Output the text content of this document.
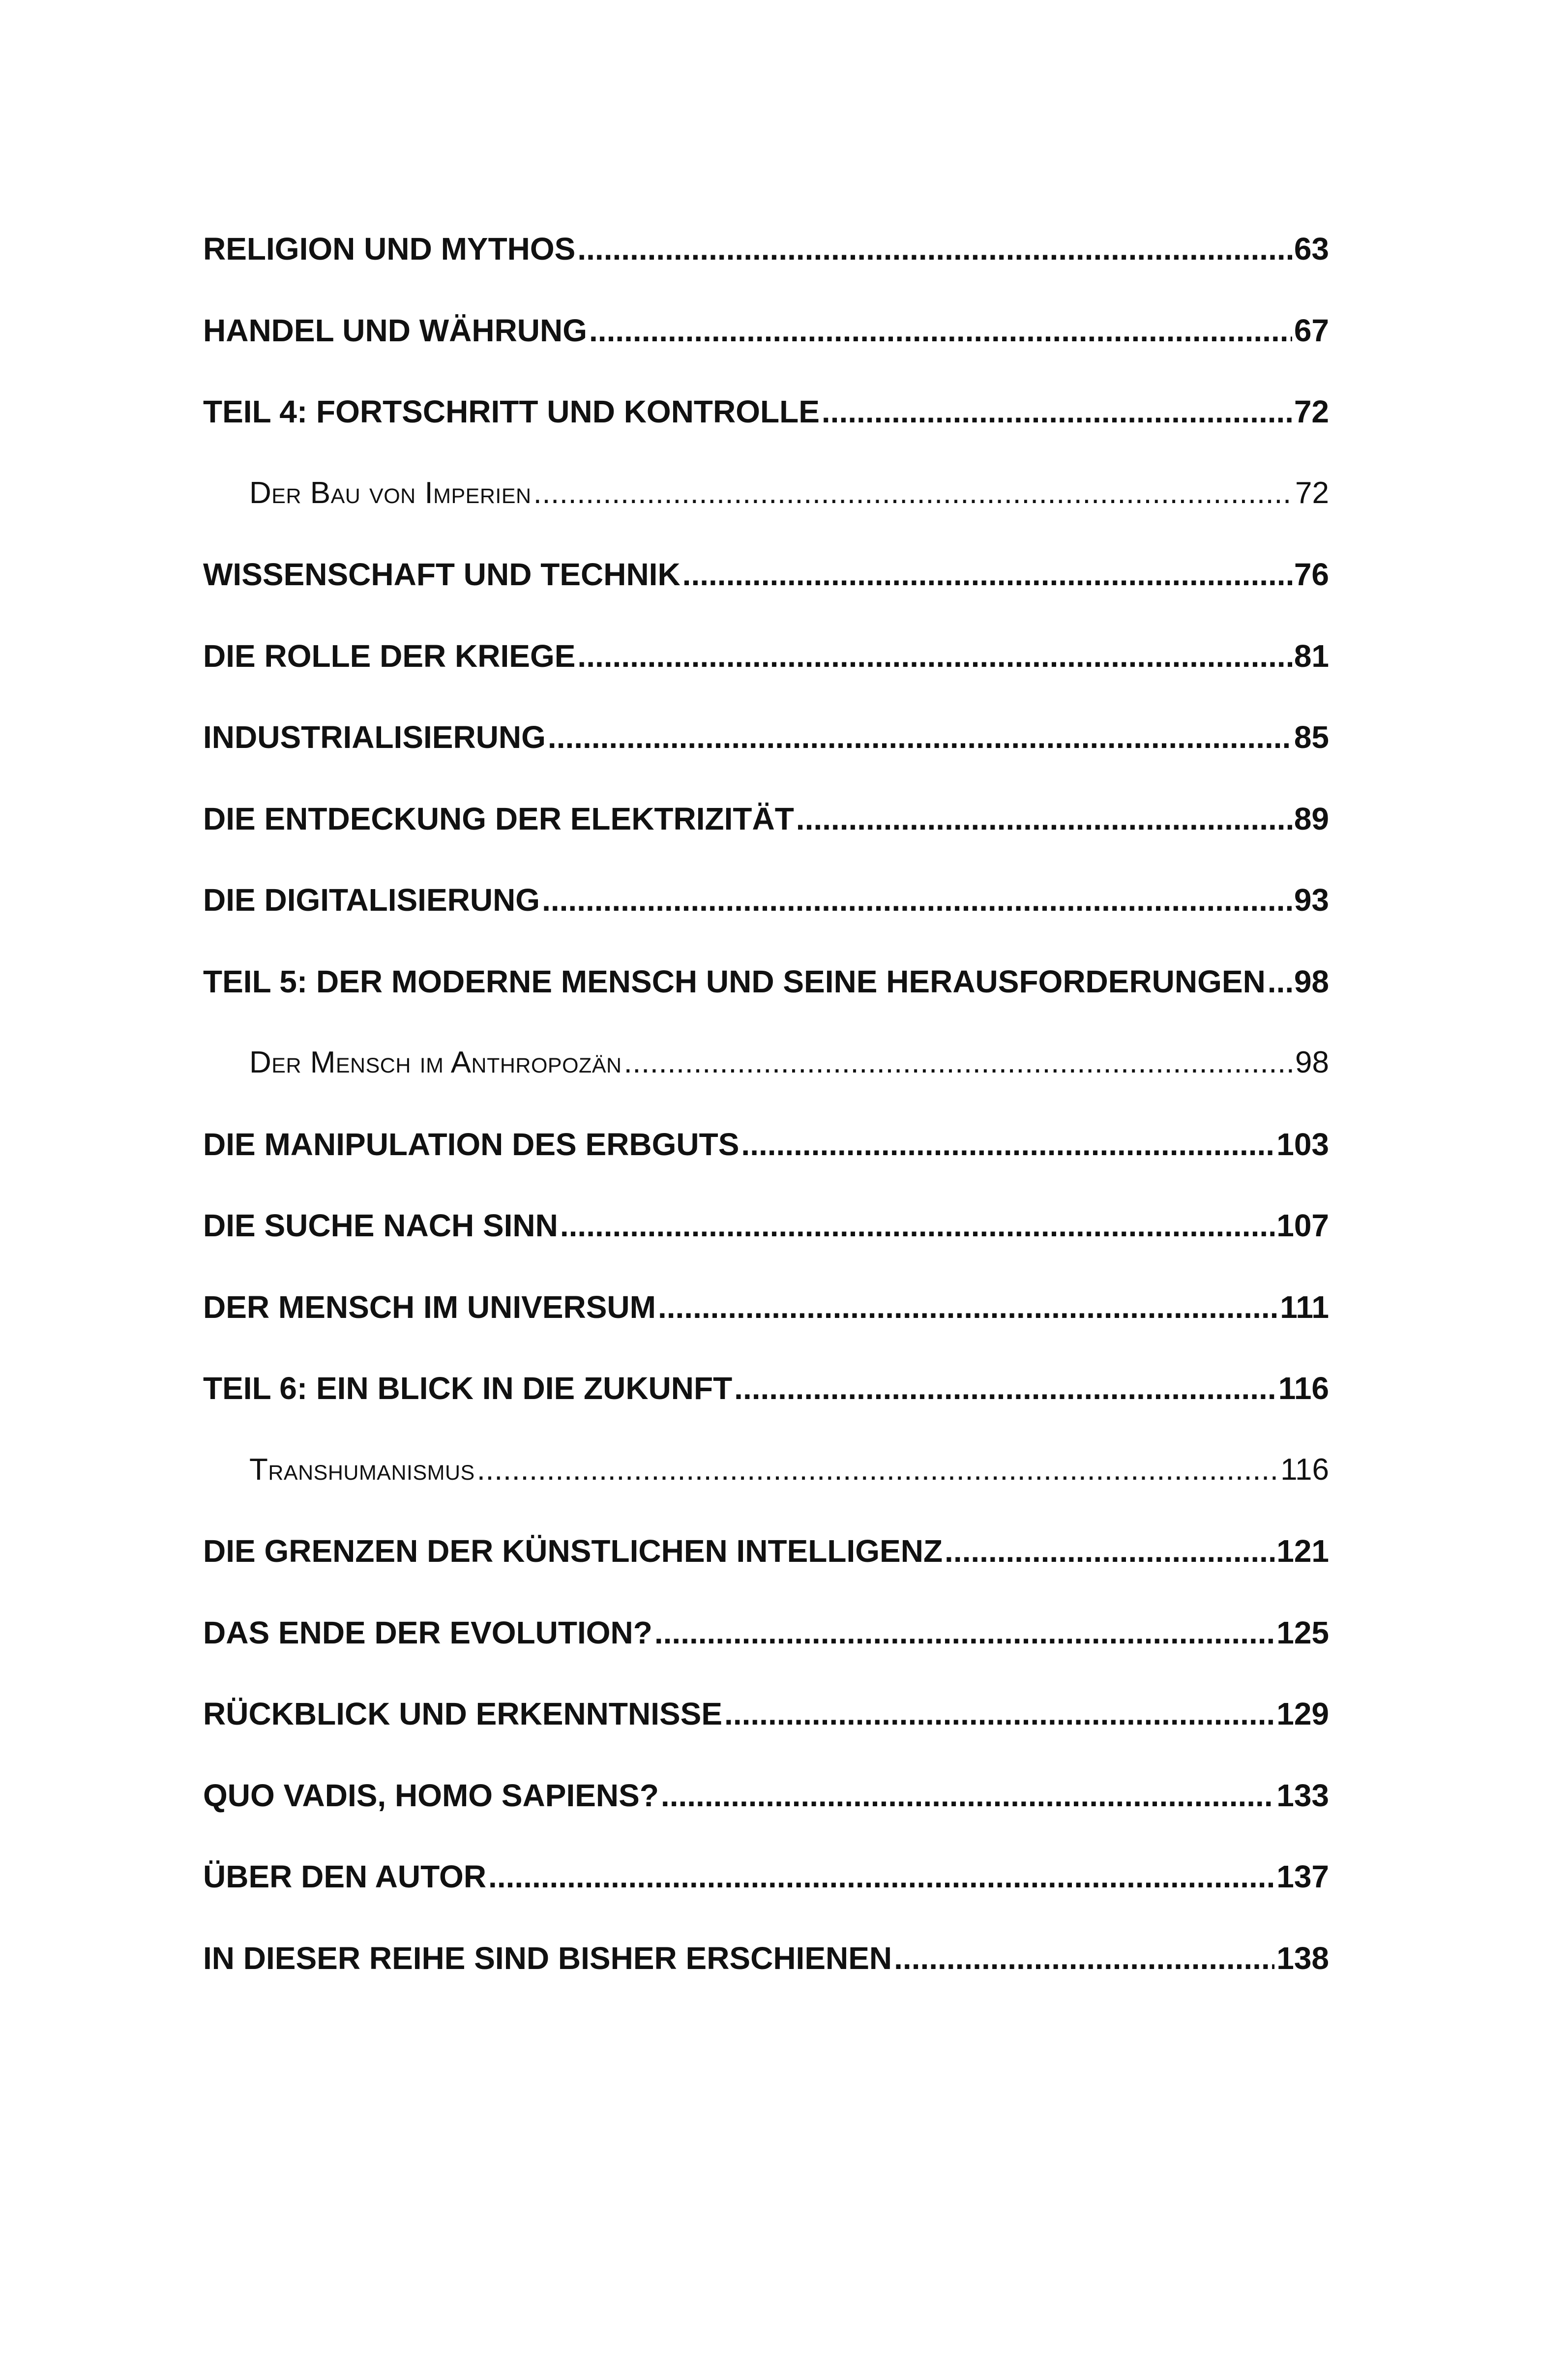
RELIGION UND MYTHOS .....	63
HANDEL UND WÄHRUNG .....	67
TEIL 4: FORTSCHRITT UND KONTROLLE .....	72
Der Bau von Imperien .....	72
WISSENSCHAFT UND TECHNIK .....	76
DIE ROLLE DER KRIEGE .....	81
INDUSTRIALISIERUNG .....	85
DIE ENTDECKUNG DER ELEKTRIZITÄT .....	89
DIE DIGITALISIERUNG .....	93
TEIL 5: DER MODERNE MENSCH UND SEINE HERAUSFORDERUNGEN ..... 98
Der Mensch im Anthropozän .....	98
DIE MANIPULATION DES ERBGUTS .....	103
DIE SUCHE NACH SINN .....	107
DER MENSCH IM UNIVERSUM .....	111
TEIL 6: EIN BLICK IN DIE ZUKUNFT .....	116
Transhumanismus .....	116
DIE GRENZEN DER KÜNSTLICHEN INTELLIGENZ .....	121
DAS ENDE DER EVOLUTION? .....	125
RÜCKBLICK UND ERKENNTNISSE .....	129
QUO VADIS, HOMO SAPIENS? .....	133
ÜBER DEN AUTOR .....	137
IN DIESER REIHE SIND BISHER ERSCHIENEN .....	138
